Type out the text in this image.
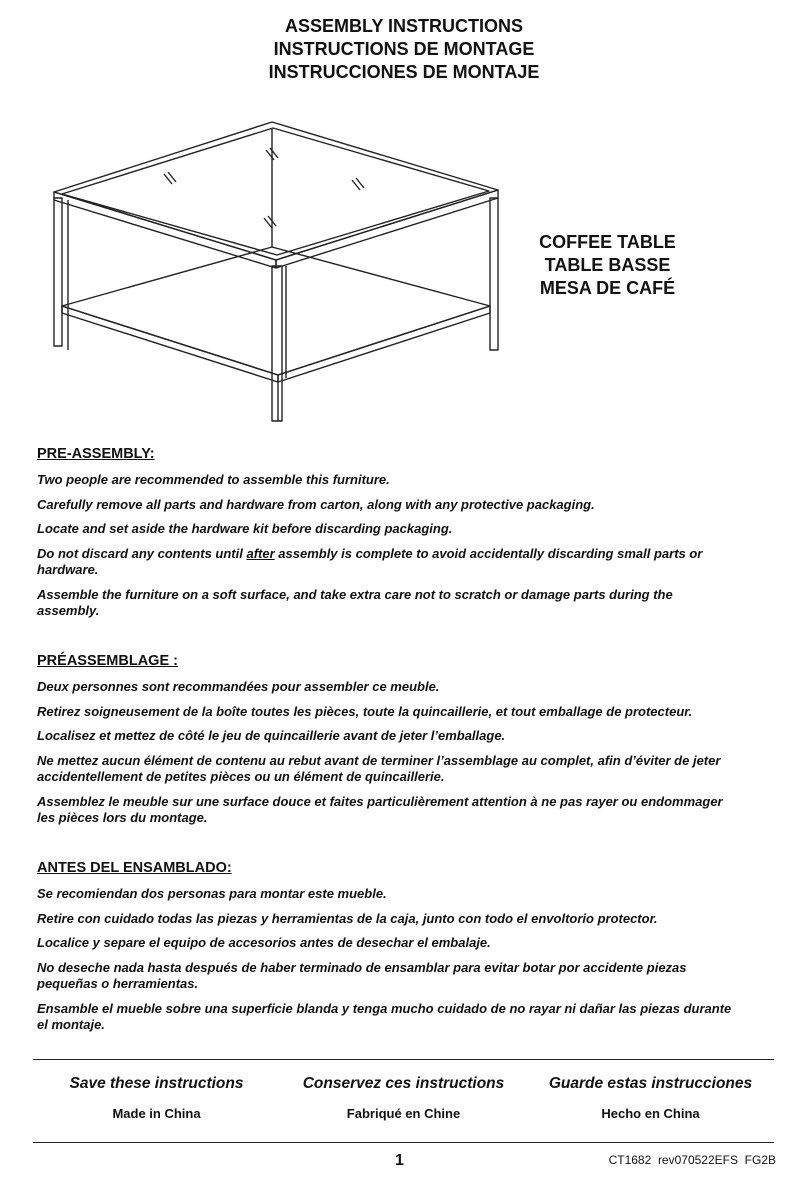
ASSEMBLY INSTRUCTIONS
INSTRUCTIONS DE MONTAGE
INSTRUCCIONES DE MONTAJE
COFFEE TABLE
TABLE BASSE
MESA DE CAFÉ
PRE-ASSEMBLY:

Two people are recommended to assemble this furniture.

Carefully remove all parts and hardware from carton, along with any protective packaging.

Locate and set aside the hardware kit before discarding packaging.

Do not discard any contents until after assembly is complete to avoid accidentally discarding small parts or hardware.

Assemble the furniture on a soft surface, and take extra care not to scratch or damage parts during the assembly.

PRÉASSEMBLAGE :

Deux personnes sont recommandées pour assembler ce meuble.

Retirez soigneusement de la boîte toutes les pièces, toute la quincaillerie, et tout emballage de protecteur.

Localisez et mettez de côté le jeu de quincaillerie avant de jeter l’emballage.

Ne mettez aucun élément de contenu au rebut avant de terminer l’assemblage au complet, afin d’éviter de jeter accidentellement de petites pièces ou un élément de quincaillerie.

Assemblez le meuble sur une surface douce et faites particulièrement attention à ne pas rayer ou endommager les pièces lors du montage.

ANTES DEL ENSAMBLADO:

Se recomiendan dos personas para montar este mueble.

Retire con cuidado todas las piezas y herramientas de la caja, junto con todo el envoltorio protector.

Localice y separe el equipo de accesorios antes de desechar el embalaje.

No deseche nada hasta después de haber terminado de ensamblar para evitar botar por accidente piezas pequeñas o herramientas.

Ensamble el mueble sobre una superficie blanda y tenga mucho cuidado de no rayar ni dañar las piezas durante el montaje.

Save these instructions	Conservez ces instructions	Guarde estas instrucciones
Made in China	Fabriqué en Chine	Hecho en China
1	CT1682  rev070522EFS  FG2B
